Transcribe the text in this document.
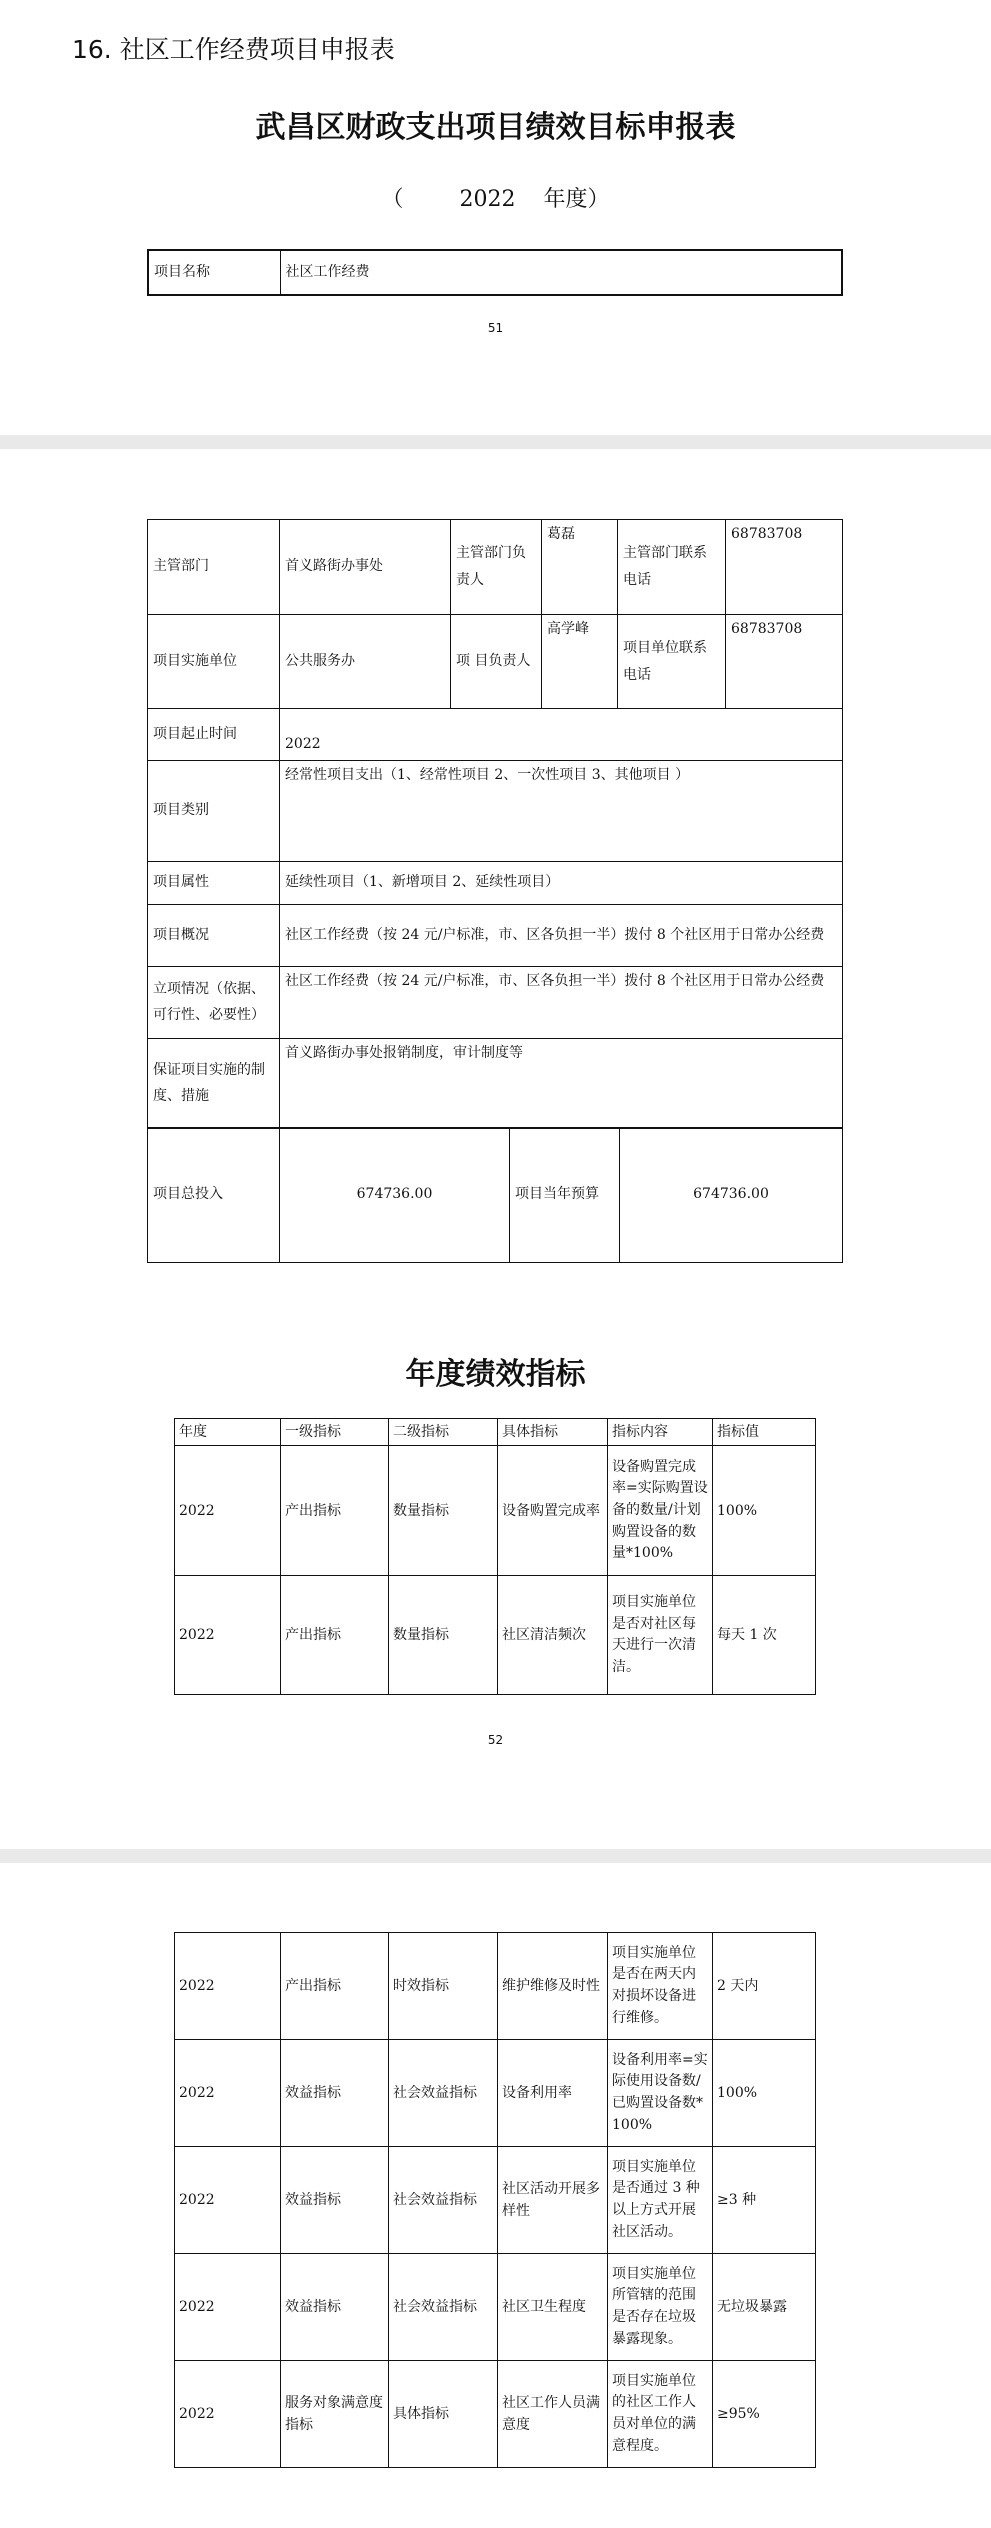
16. 社区工作经费项目申报表
武昌区财政支出项目绩效目标申报表
（        2022    年度）
项目名称	社区工作经费
51
主管部门	首义路街办事处	主管部门负责人	葛磊	主管部门联系电话	68783708
项目实施单位	公共服务办	项 目负责人	高学峰	项目单位联系电话	68783708
项目起止时间	2022				
项目类别	经常性项目支出（1、经常性项目 2、一次性项目 3、其他项目 ）				
项目属性	延续性项目（1、新增项目 2、延续性项目）				
项目概况	社区工作经费（按 24 元/户标准，市、区各负担一半）拨付 8 个社区用于日常办公经费				
立项情况（依据、可行性、必要性）	社区工作经费（按 24 元/户标准，市、区各负担一半）拨付 8 个社区用于日常办公经费				
保证项目实施的制度、措施	首义路街办事处报销制度，审计制度等				
项目总投入	674736.00	项目当年预算	674736.00
年度绩效指标
年度	一级指标	二级指标	具体指标	指标内容	指标值
2022	产出指标	数量指标	设备购置完成率	设备购置完成率=实际购置设备的数量/计划购置设备的数量*100%	100%
2022	产出指标	数量指标	社区清洁频次	项目实施单位是否对社区每天进行一次清洁。	每天 1 次
52
2022	产出指标	时效指标	维护维修及时性	项目实施单位是否在两天内对损坏设备进行维修。	2 天内
2022	效益指标	社会效益指标	设备利用率	设备利用率=实际使用设备数/已购置设备数*100%	100%
2022	效益指标	社会效益指标	社区活动开展多样性	项目实施单位是否通过 3 种以上方式开展社区活动。	≥3 种
2022	效益指标	社会效益指标	社区卫生程度	项目实施单位所管辖的范围是否存在垃圾暴露现象。	无垃圾暴露
2022	服务对象满意度指标	具体指标	社区工作人员满意度	项目实施单位的社区工作人员对单位的满意程度。	≥95%
